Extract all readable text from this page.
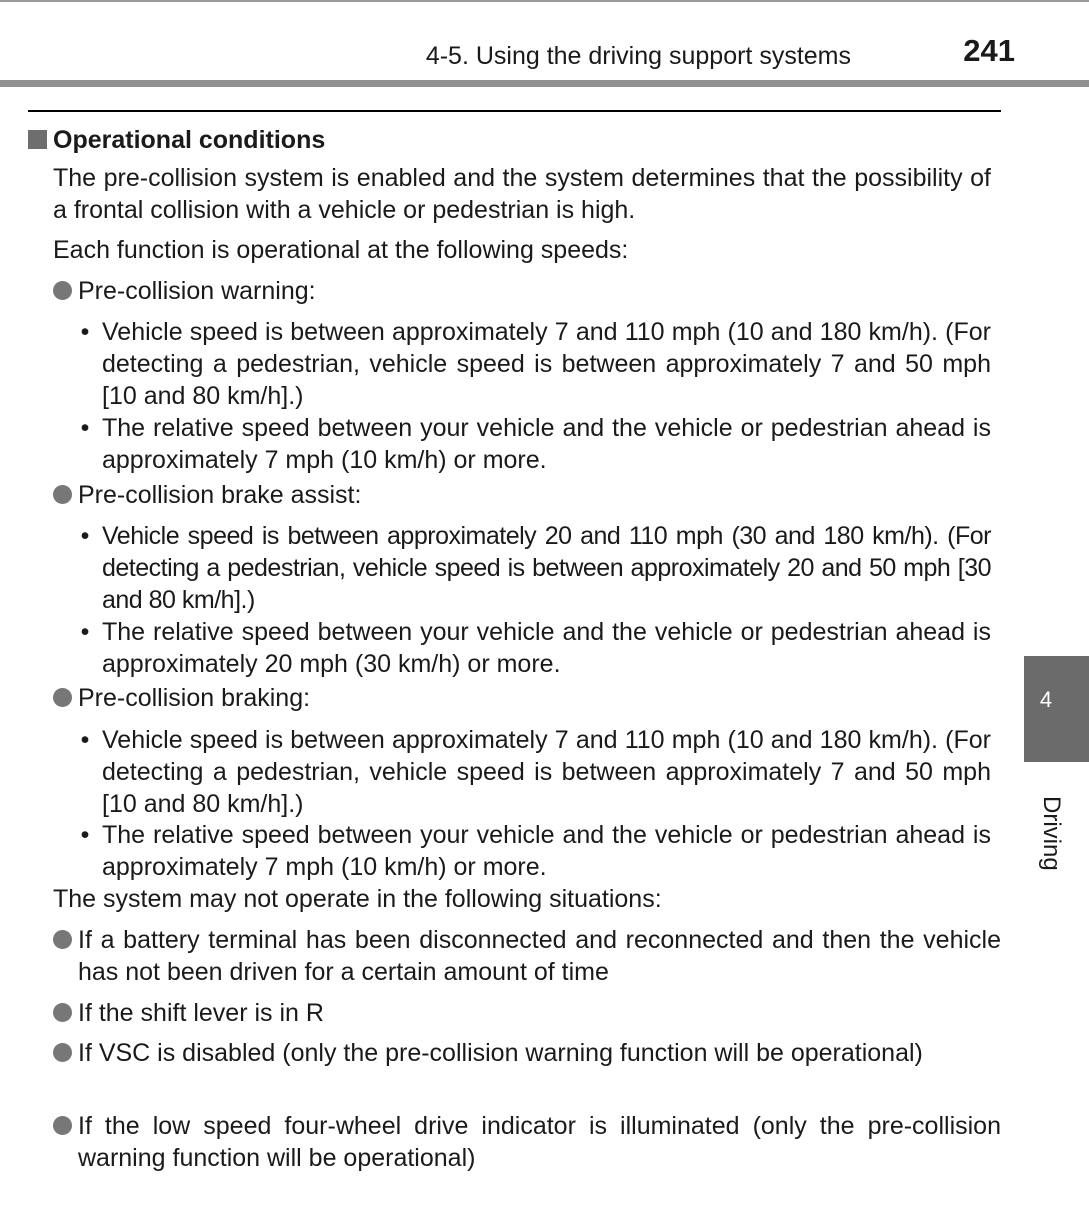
4-5. Using the driving support systems	241
Operational conditions

The pre-collision system is enabled and the system determines that the possibility of a frontal collision with a vehicle or pedestrian is high.

Each function is operational at the following speeds:

Pre-collision warning:
• Vehicle speed is between approximately 7 and 110 mph (10 and 180 km/h). (For detecting a pedestrian, vehicle speed is between approximately 7 and 50 mph [10 and 80 km/h].)
• The relative speed between your vehicle and the vehicle or pedestrian ahead is approximately 7 mph (10 km/h) or more.
Pre-collision brake assist:
• Vehicle speed is between approximately 20 and 110 mph (30 and 180 km/h). (For detecting a pedestrian, vehicle speed is between approximately 20 and 50 mph [30 and 80 km/h].)
• The relative speed between your vehicle and the vehicle or pedestrian ahead is approximately 20 mph (30 km/h) or more.
Pre-collision braking:
• Vehicle speed is between approximately 7 and 110 mph (10 and 180 km/h). (For detecting a pedestrian, vehicle speed is between approximately 7 and 50 mph [10 and 80 km/h].)
• The relative speed between your vehicle and the vehicle or pedestrian ahead is approximately 7 mph (10 km/h) or more.

The system may not operate in the following situations:

If a battery terminal has been disconnected and reconnected and then the vehicle has not been driven for a certain amount of time
If the shift lever is in R
If VSC is disabled (only the pre-collision warning function will be operational)
If the low speed four-wheel drive indicator is illuminated (only the pre-collision warning function will be operational)
4
Driving
